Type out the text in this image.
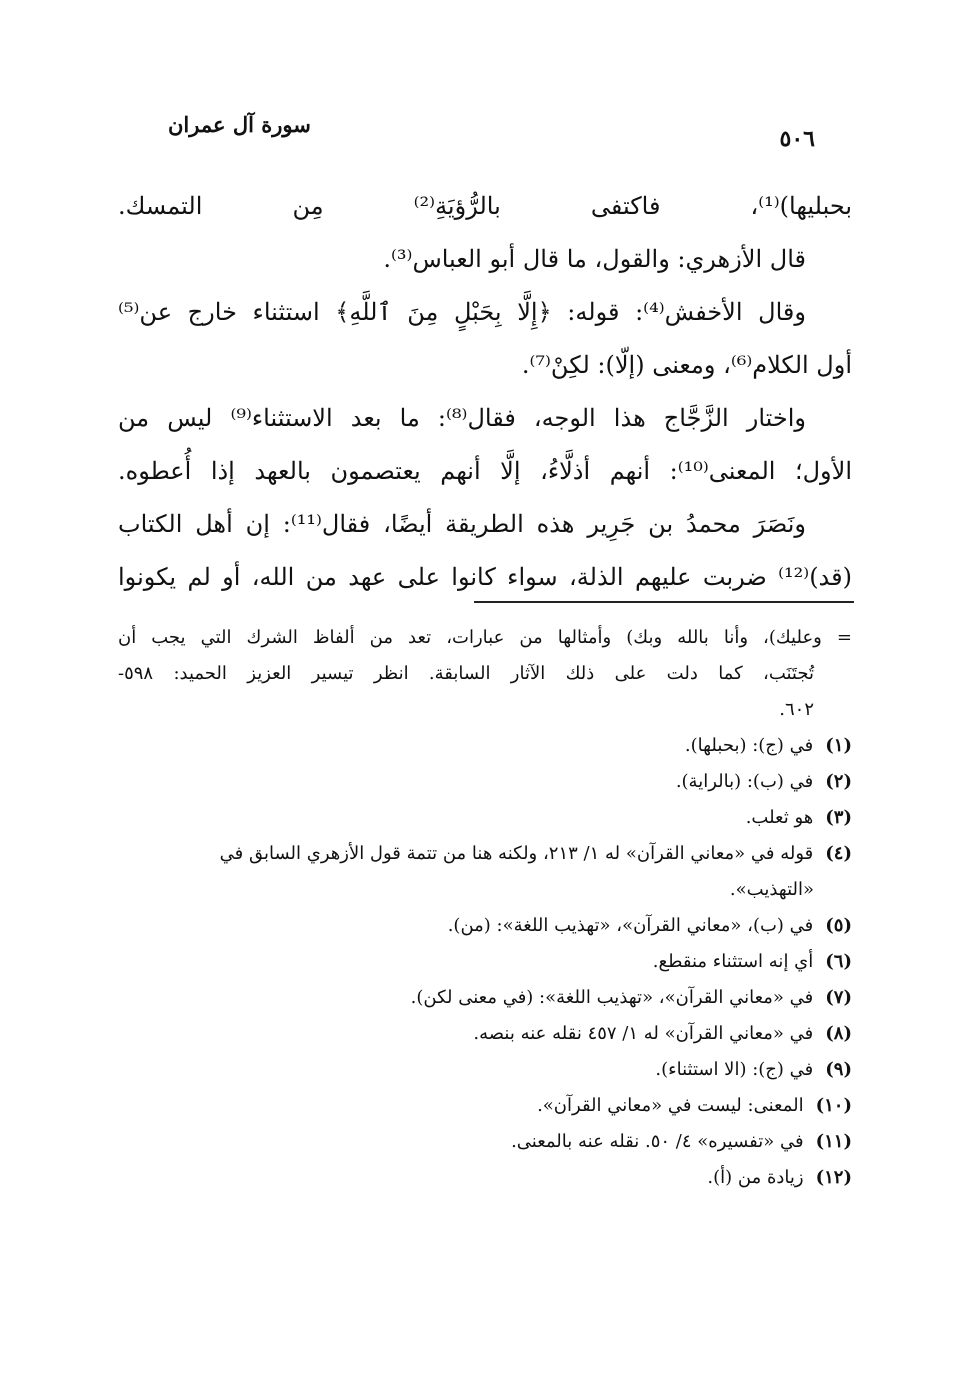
سورة آل عمران
٥٠٦
بحبليها)⁽¹⁾، فاكتفى بالرُّؤيَةِ⁽²⁾ مِن التمسك.
قال الأزهري: والقول، ما قال أبو العباس⁽³⁾.
وقال الأخفش⁽⁴⁾: قوله: ﴿إِلَّا بِحَبْلٍ مِنَ ٱللَّهِ﴾ استثناء خارج عن⁽⁵⁾
أول الكلام⁽⁶⁾، ومعنى (إلّا): لكِنْ⁽⁷⁾.
واختار الزَّجَّاج هذا الوجه، فقال⁽⁸⁾: ما بعد الاستثناء⁽⁹⁾ ليس من
الأول؛ المعنى⁽¹⁰⁾: أنهم أذلَّاءُ، إلَّا أنهم يعتصمون بالعهد إذا أُعطوه.
ونَصَرَ محمدُ بن جَرِير هذه الطريقة أيضًا، فقال⁽¹¹⁾: إن أهل الكتاب
(قد)⁽¹²⁾ ضربت عليهم الذلة، سواء كانوا على عهد من الله، أو لم يكونوا
= وعليك)، وأنا بالله وبك) وأمثالها من عبارات، تعد من ألفاظ الشرك التي يجب أن
تُجتَنَب، كما دلت على ذلك الآثار السابقة. انظر تيسير العزيز الحميد: ٥٩٨-
٦٠٢.
(١)
في (ج): (بحبلها).
(٢)
في (ب): (بالراية).
(٣)
هو ثعلب.
(٤)
قوله في «معاني القرآن» له ١/ ٢١٣، ولكنه هنا من تتمة قول الأزهري السابق في
«التهذيب».
(٥)
في (ب)، «معاني القرآن»، «تهذيب اللغة»: (من).
(٦)
أي إنه استثناء منقطع.
(٧)
في «معاني القرآن»، «تهذيب اللغة»: (في معنى لكن).
(٨)
في «معاني القرآن» له ١/ ٤٥٧ نقله عنه بنصه.
(٩)
في (ج): (الا استثناء).
(١٠)
المعنى: ليست في «معاني القرآن».
(١١)
في «تفسيره» ٤/ ٥٠. نقله عنه بالمعنى.
(١٢)
زيادة من (أ).
